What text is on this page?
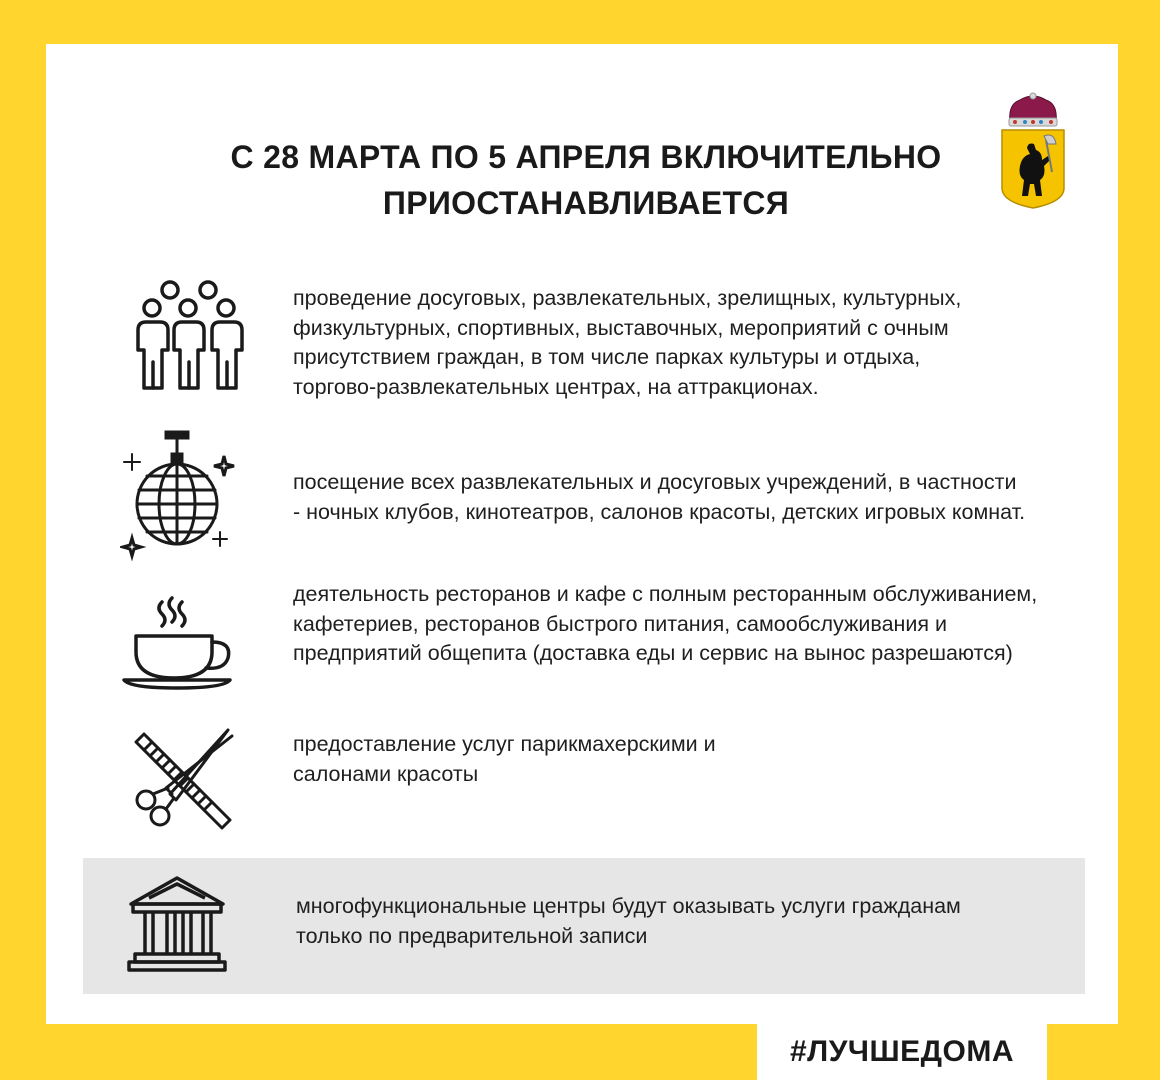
С 28 МАРТА ПО 5 АПРЕЛЯ ВКЛЮЧИТЕЛЬНО
ПРИОСТАНАВЛИВАЕТСЯ
проведение досуговых, развлекательных, зрелищных, культурных,
физкультурных, спортивных, выставочных, мероприятий с очным
присутствием граждан, в том числе парках культуры и отдыха,
торгово-развлекательных центрах, на аттракционах.
посещение всех развлекательных и досуговых учреждений, в частности
- ночных клубов, кинотеатров, салонов красоты, детских игровых комнат.
деятельность ресторанов и кафе с полным ресторанным обслуживанием,
кафетериев, ресторанов быстрого питания, самообслуживания и
предприятий общепита (доставка еды и сервис на вынос разрешаются)
предоставление услуг парикмахерскими и
салонами красоты
многофункциональные центры будут оказывать услуги гражданам
только по предварительной записи
#ЛУЧШЕДОМА
